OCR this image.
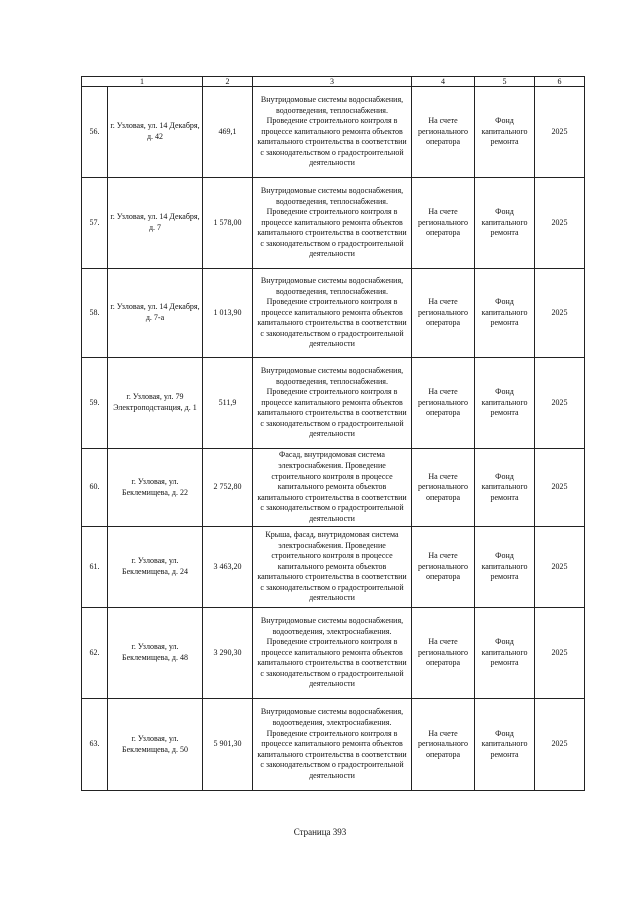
1		2	3	4	5	6
56.	г. Узловая, ул. 14 Декабря, д. 42	469,1	Внутридомовые системы водоснабжения, водоотведения, теплоснабжения. Проведение строительного контроля в процессе капитального ремонта объектов капитального строительства в соответствии с законодательством о градостроительной деятельности	На счете регионального оператора	Фонд капитального ремонта	2025
57.	г. Узловая, ул. 14 Декабря, д. 7	1 578,00	Внутридомовые системы водоснабжения, водоотведения, теплоснабжения. Проведение строительного контроля в процессе капитального ремонта объектов капитального строительства в соответствии с законодательством о градостроительной деятельности	На счете регионального оператора	Фонд капитального ремонта	2025
58.	г. Узловая, ул. 14 Декабря, д. 7-а	1 013,90	Внутридомовые системы водоснабжения, водоотведения, теплоснабжения. Проведение строительного контроля в процессе капитального ремонта объектов капитального строительства в соответствии с законодательством о градостроительной деятельности	На счете регионального оператора	Фонд капитального ремонта	2025
59.	г. Узловая, ул. 79 Электроподстанция, д. 1	511,9	Внутридомовые системы водоснабжения, водоотведения, теплоснабжения. Проведение строительного контроля в процессе капитального ремонта объектов капитального строительства в соответствии с законодательством о градостроительной деятельности	На счете регионального оператора	Фонд капитального ремонта	2025
60.	г. Узловая, ул. Беклемищева, д. 22	2 752,80	Фасад, внутридомовая система электроснабжения. Проведение строительного контроля в процессе капитального ремонта объектов капитального строительства в соответствии с законодательством о градостроительной деятельности	На счете регионального оператора	Фонд капитального ремонта	2025
61.	г. Узловая, ул. Беклемищева, д. 24	3 463,20	Крыша, фасад, внутридомовая система электроснабжения. Проведение строительного контроля в процессе капитального ремонта объектов капитального строительства в соответствии с законодательством о градостроительной деятельности	На счете регионального оператора	Фонд капитального ремонта	2025
62.	г. Узловая, ул. Беклемищева, д. 48	3 290,30	Внутридомовые системы водоснабжения, водоотведения, электроснабжения. Проведение строительного контроля в процессе капитального ремонта объектов капитального строительства в соответствии с законодательством о градостроительной деятельности	На счете регионального оператора	Фонд капитального ремонта	2025
63.	г. Узловая, ул. Беклемищева, д. 50	5 901,30	Внутридомовые системы водоснабжения, водоотведения, электроснабжения. Проведение строительного контроля в процессе капитального ремонта объектов капитального строительства в соответствии с законодательством о градостроительной деятельности	На счете регионального оператора	Фонд капитального ремонта	2025
Страница 393
